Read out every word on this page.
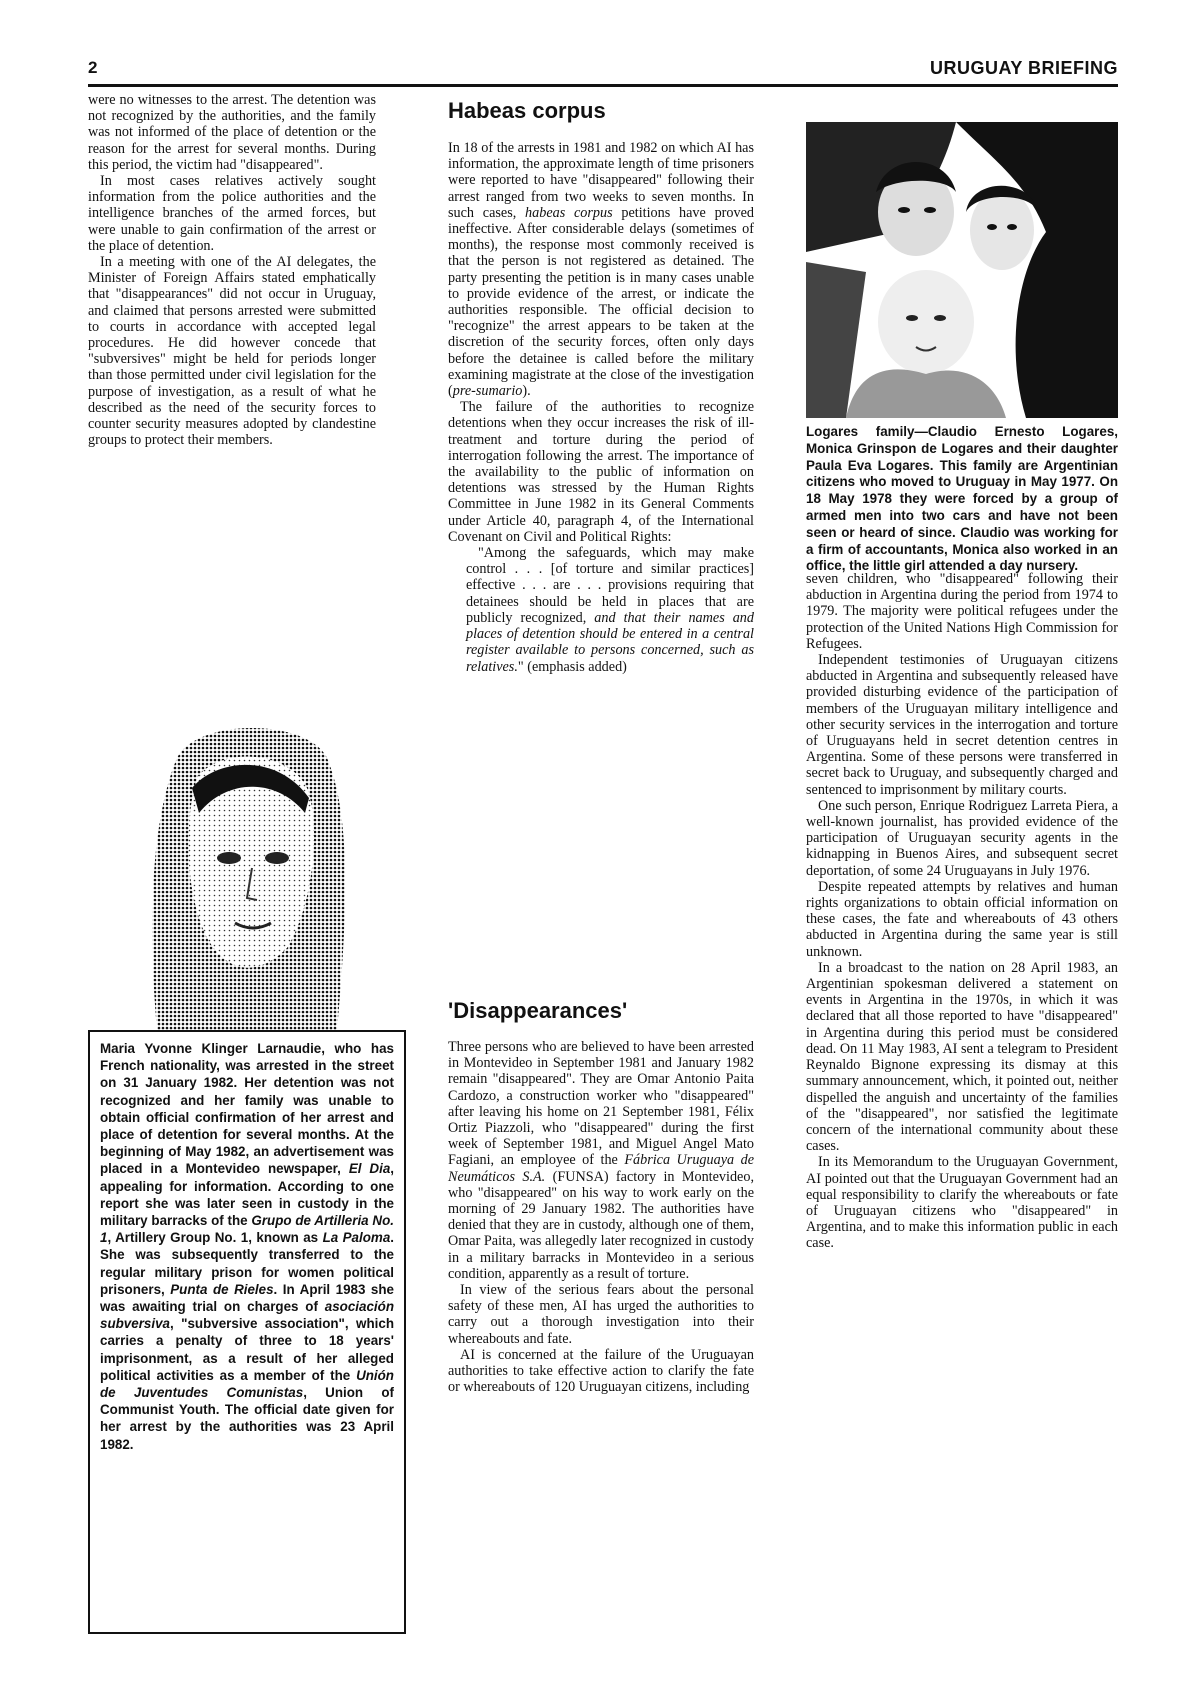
2	URUGUAY BRIEFING

were no witnesses to the arrest. The detention was not recognized by the authorities, and the family was not informed of the place of detention or the reason for the arrest for several months. During this period, the victim had "disappeared".

In most cases relatives actively sought information from the police authorities and the intelligence branches of the armed forces, but were unable to gain confirmation of the arrest or the place of detention.

In a meeting with one of the AI delegates, the Minister of Foreign Affairs stated emphatically that "disappearances" did not occur in Uruguay, and claimed that persons arrested were submitted to courts in accordance with accepted legal procedures. He did however concede that "subversives" might be held for periods longer than those permitted under civil legislation for the purpose of investigation, as a result of what he described as the need of the security forces to counter security measures adopted by clandestine groups to protect their members.

Maria Yvonne Klinger Larnaudie, who has French nationality, was arrested in the street on 31 January 1982. Her detention was not recognized and her family was unable to obtain official confirmation of her arrest and place of detention for several months. At the beginning of May 1982, an advertisement was placed in a Montevideo newspaper, El Dia, appealing for information. According to one report she was later seen in custody in the military barracks of the Grupo de Artilleria No. 1, Artillery Group No. 1, known as La Paloma. She was subsequently transferred to the regular military prison for women political prisoners, Punta de Rieles. In April 1983 she was awaiting trial on charges of asociación subversiva, "subversive association", which carries a penalty of three to 18 years' imprisonment, as a result of her alleged political activities as a member of the Unión de Juventudes Comunistas, Union of Communist Youth. The official date given for her arrest by the authorities was 23 April 1982.

Habeas corpus

In 18 of the arrests in 1981 and 1982 on which AI has information, the approximate length of time prisoners were reported to have "disappeared" following their arrest ranged from two weeks to seven months. In such cases, habeas corpus petitions have proved ineffective. After considerable delays (sometimes of months), the response most commonly received is that the person is not registered as detained. The party presenting the petition is in many cases unable to provide evidence of the arrest, or indicate the authorities responsible. The official decision to "recognize" the arrest appears to be taken at the discretion of the security forces, often only days before the detainee is called before the military examining magistrate at the close of the investigation (pre-sumario).

The failure of the authorities to recognize detentions when they occur increases the risk of ill-treatment and torture during the period of interrogation following the arrest. The importance of the availability to the public of information on detentions was stressed by the Human Rights Committee in June 1982 in its General Comments under Article 40, paragraph 4, of the International Covenant on Civil and Political Rights:

"Among the safeguards, which may make control . . . [of torture and similar practices] effective . . . are . . . provisions requiring that detainees should be held in places that are publicly recognized, and that their names and places of detention should be entered in a central register available to persons concerned, such as relatives." (emphasis added)

'Disappearances'

Three persons who are believed to have been arrested in Montevideo in September 1981 and January 1982 remain "disappeared". They are Omar Antonio Paita Cardozo, a construction worker who "disappeared" after leaving his home on 21 September 1981, Félix Ortiz Piazzoli, who "disappeared" during the first week of September 1981, and Miguel Angel Mato Fagiani, an employee of the Fábrica Uruguaya de Neumáticos S.A. (FUNSA) factory in Montevideo, who "disappeared" on his way to work early on the morning of 29 January 1982. The authorities have denied that they are in custody, although one of them, Omar Paita, was allegedly later recognized in custody in a military barracks in Montevideo in a serious condition, apparently as a result of torture.

In view of the serious fears about the personal safety of these men, AI has urged the authorities to carry out a thorough investigation into their whereabouts and fate.

AI is concerned at the failure of the Uruguayan authorities to take effective action to clarify the fate or whereabouts of 120 Uruguayan citizens, including

Logares family—Claudio Ernesto Logares, Monica Grinspon de Logares and their daughter Paula Eva Logares. This family are Argentinian citizens who moved to Uruguay in May 1977. On 18 May 1978 they were forced by a group of armed men into two cars and have not been seen or heard of since. Claudio was working for a firm of accountants, Monica also worked in an office, the little girl attended a day nursery.

seven children, who "disappeared" following their abduction in Argentina during the period from 1974 to 1979. The majority were political refugees under the protection of the United Nations High Commission for Refugees.

Independent testimonies of Uruguayan citizens abducted in Argentina and subsequently released have provided disturbing evidence of the participation of members of the Uruguayan military intelligence and other security services in the interrogation and torture of Uruguayans held in secret detention centres in Argentina. Some of these persons were transferred in secret back to Uruguay, and subsequently charged and sentenced to imprisonment by military courts.

One such person, Enrique Rodriguez Larreta Piera, a well-known journalist, has provided evidence of the participation of Uruguayan security agents in the kidnapping in Buenos Aires, and subsequent secret deportation, of some 24 Uruguayans in July 1976.

Despite repeated attempts by relatives and human rights organizations to obtain official information on these cases, the fate and whereabouts of 43 others abducted in Argentina during the same year is still unknown.

In a broadcast to the nation on 28 April 1983, an Argentinian spokesman delivered a statement on events in Argentina in the 1970s, in which it was declared that all those reported to have "disappeared" in Argentina during this period must be considered dead. On 11 May 1983, AI sent a telegram to President Reynaldo Bignone expressing its dismay at this summary announcement, which, it pointed out, neither dispelled the anguish and uncertainty of the families of the "disappeared", nor satisfied the legitimate concern of the international community about these cases.

In its Memorandum to the Uruguayan Government, AI pointed out that the Uruguayan Government had an equal responsibility to clarify the whereabouts or fate of Uruguayan citizens who "disappeared" in Argentina, and to make this information public in each case.
